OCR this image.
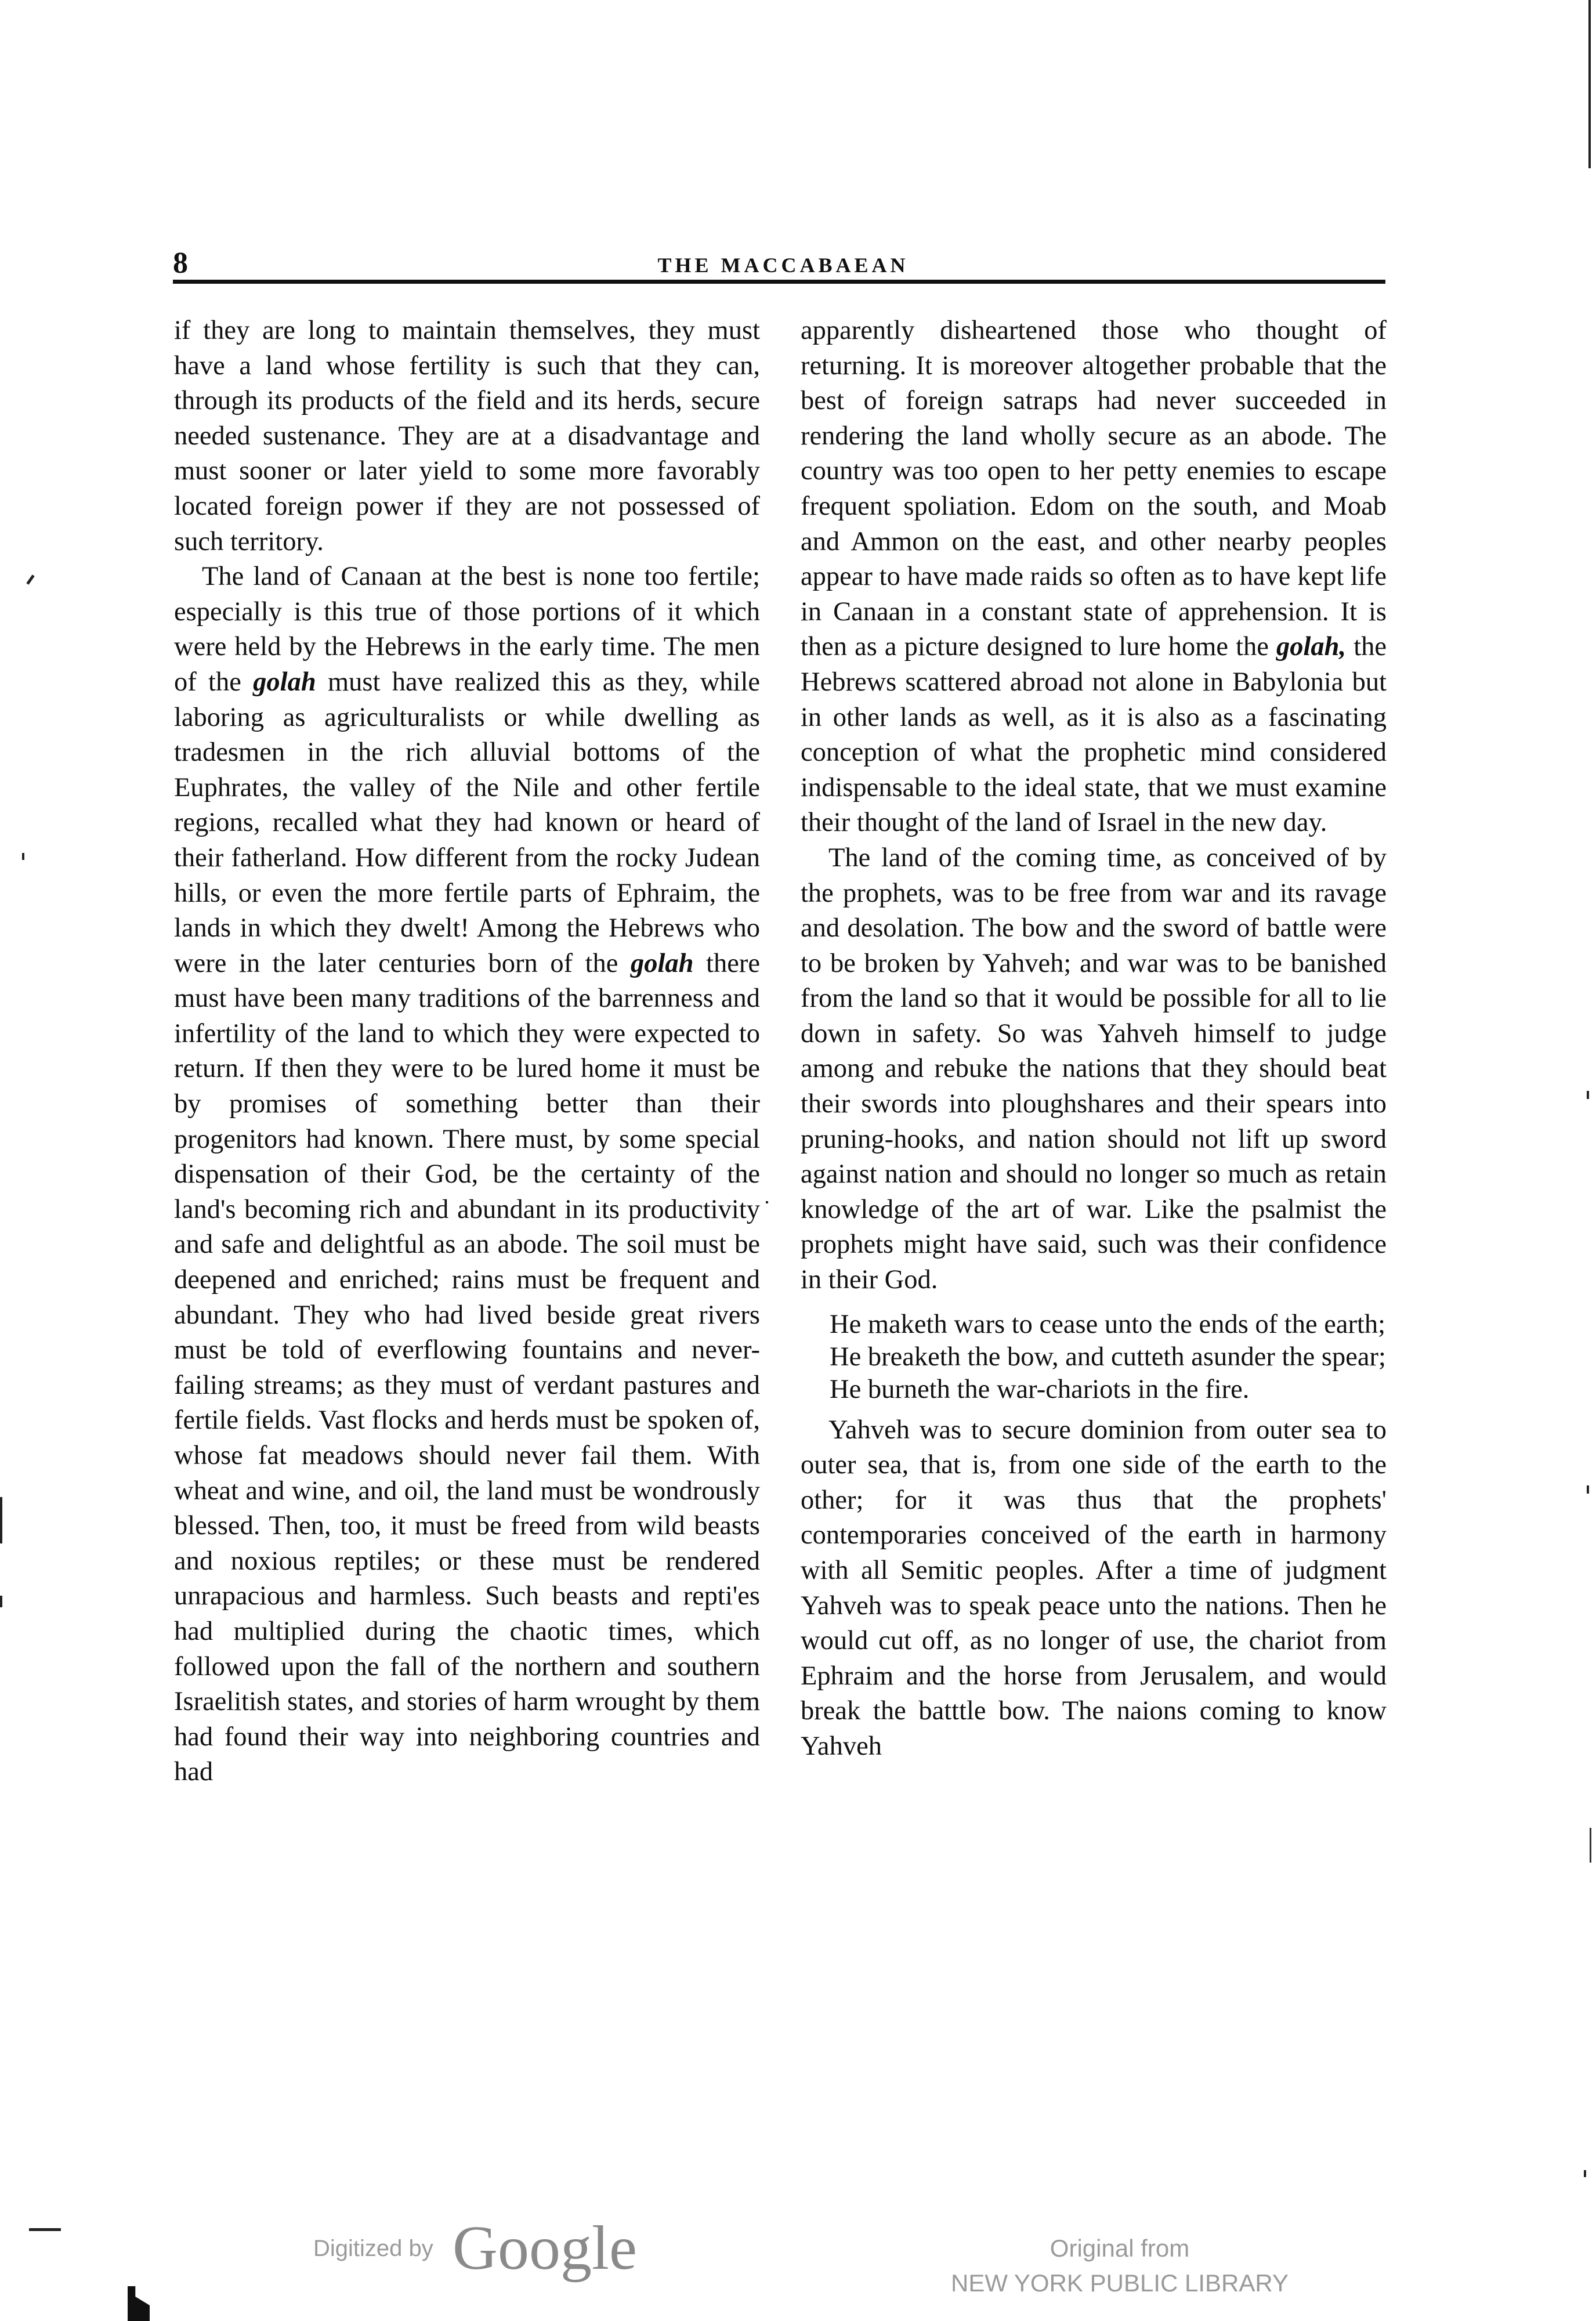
8	THE MACCABAEAN

if they are long to maintain themselves, they must have a land whose fertility is such that they can, through its products of the field and its herds, secure needed sustenance. They are at a disadvantage and must sooner or later yield to some more favorably located foreign power if they are not possessed of such territory.

The land of Canaan at the best is none too fertile; especially is this true of those portions of it which were held by the Hebrews in the early time. The men of the golah must have realized this as they, while laboring as agriculturalists or while dwelling as tradesmen in the rich alluvial bottoms of the Euphrates, the valley of the Nile and other fertile regions, recalled what they had known or heard of their fatherland. How different from the rocky Judean hills, or even the more fertile parts of Ephraim, the lands in which they dwelt! Among the Hebrews who were in the later centuries born of the golah there must have been many traditions of the barrenness and infertility of the land to which they were expected to return. If then they were to be lured home it must be by promises of something better than their progenitors had known. There must, by some special dispensation of their God, be the certainty of the land's becoming rich and abundant in its productivity and safe and delightful as an abode. The soil must be deepened and enriched; rains must be frequent and abundant. They who had lived beside great rivers must be told of everflowing fountains and never-failing streams; as they must of verdant pastures and fertile fields. Vast flocks and herds must be spoken of, whose fat meadows should never fail them. With wheat and wine, and oil, the land must be wondrously blessed. Then, too, it must be freed from wild beasts and noxious reptiles; or these must be rendered unrapacious and harmless. Such beasts and repti'es had multiplied during the chaotic times, which followed upon the fall of the northern and southern Israelitish states, and stories of harm wrought by them had found their way into neighboring countries and had

apparently disheartened those who thought of returning. It is moreover altogether probable that the best of foreign satraps had never succeeded in rendering the land wholly secure as an abode. The country was too open to her petty enemies to escape frequent spoliation. Edom on the south, and Moab and Ammon on the east, and other nearby peoples appear to have made raids so often as to have kept life in Canaan in a constant state of apprehension. It is then as a picture designed to lure home the golah, the Hebrews scattered abroad not alone in Babylonia but in other lands as well, as it is also as a fascinating conception of what the prophetic mind considered indispensable to the ideal state, that we must examine their thought of the land of Israel in the new day.

The land of the coming time, as conceived of by the prophets, was to be free from war and its ravage and desolation. The bow and the sword of battle were to be broken by Yahveh; and war was to be banished from the land so that it would be possible for all to lie down in safety. So was Yahveh himself to judge among and rebuke the nations that they should beat their swords into ploughshares and their spears into pruning-hooks, and nation should not lift up sword against nation and should no longer so much as retain knowledge of the art of war. Like the psalmist the prophets might have said, such was their confidence in their God.

He maketh wars to cease unto the ends of the earth;
He breaketh the bow, and cutteth asunder the spear;
He burneth the war-chariots in the fire.

Yahveh was to secure dominion from outer sea to outer sea, that is, from one side of the earth to the other; for it was thus that the prophets' contemporaries conceived of the earth in harmony with all Semitic peoples. After a time of judgment Yahveh was to speak peace unto the nations. Then he would cut off, as no longer of use, the chariot from Ephraim and the horse from Jerusalem, and would break the batttle bow. The naions coming to know Yahveh

Digitized by Google	Original from
NEW YORK PUBLIC LIBRARY
